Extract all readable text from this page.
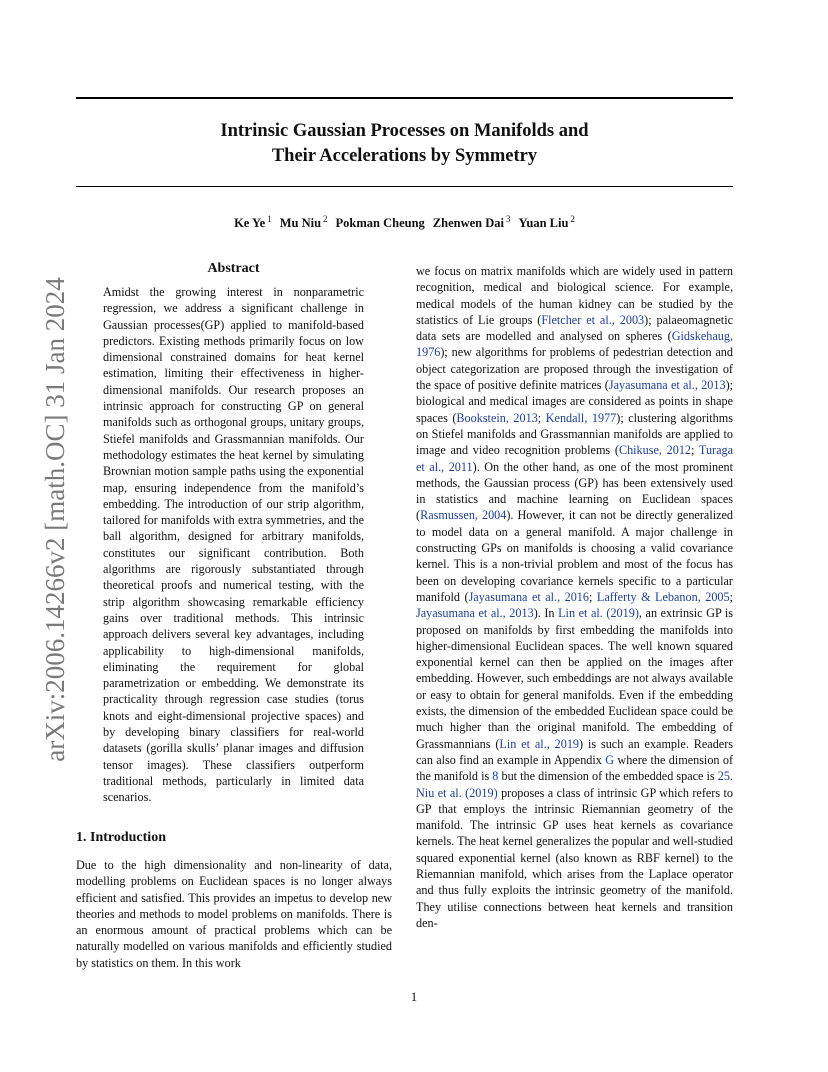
Intrinsic Gaussian Processes on Manifolds and
Their Accelerations by Symmetry

Ke Ye $^1$ Mu Niu $^2$ Pokman Cheung Zhenwen Dai $^3$ Yuan Liu $^2$

arXiv:2006.14266v2 [math.OC] 31 Jan 2024
Abstract

Amidst the growing interest in nonparametric regression, we address a significant challenge in Gaussian processes(GP) applied to manifold-based predictors. Existing methods primarily focus on low dimensional constrained domains for heat kernel estimation, limiting their effectiveness in higher-dimensional manifolds. Our research proposes an intrinsic approach for constructing GP on general manifolds such as orthogonal groups, unitary groups, Stiefel manifolds and Grassmannian manifolds. Our methodology estimates the heat kernel by simulating Brownian motion sample paths using the exponential map, ensuring independence from the manifold’s embedding. The introduction of our strip algorithm, tailored for manifolds with extra symmetries, and the ball algorithm, designed for arbitrary manifolds, constitutes our significant contribution. Both algorithms are rigorously substantiated through theoretical proofs and numerical testing, with the strip algorithm showcasing remarkable efficiency gains over traditional methods. This intrinsic approach delivers several key advantages, including applicability to high-dimensional manifolds, eliminating the requirement for global parametrization or embedding. We demonstrate its practicality through regression case studies (torus knots and eight-dimensional projective spaces) and by developing binary classifiers for real-world datasets (gorilla skulls’ planar images and diffusion tensor images). These classifiers outperform traditional methods, particularly in limited data scenarios.

1. Introduction

Due to the high dimensionality and non-linearity of data, modelling problems on Euclidean spaces is no longer always efficient and satisfied. This provides an impetus to develop new theories and methods to model problems on manifolds. There is an enormous amount of practical problems which can be naturally modelled on various manifolds and efficiently studied by statistics on them. In this work

we focus on matrix manifolds which are widely used in pattern recognition, medical and biological science. For example, medical models of the human kidney can be studied by the statistics of Lie groups (Fletcher et al., 2003); palaeomagnetic data sets are modelled and analysed on spheres (Gidskehaug, 1976); new algorithms for problems of pedestrian detection and object categorization are proposed through the investigation of the space of positive definite matrices (Jayasumana et al., 2013); biological and medical images are considered as points in shape spaces (Bookstein, 2013; Kendall, 1977); clustering algorithms on Stiefel manifolds and Grassmannian manifolds are applied to image and video recognition problems (Chikuse, 2012; Turaga et al., 2011). On the other hand, as one of the most prominent methods, the Gaussian process (GP) has been extensively used in statistics and machine learning on Euclidean spaces (Rasmussen, 2004). However, it can not be directly generalized to model data on a general manifold. A major challenge in constructing GPs on manifolds is choosing a valid covariance kernel. This is a non-trivial problem and most of the focus has been on developing covariance kernels specific to a particular manifold (Jayasumana et al., 2016; Lafferty & Lebanon, 2005; Jayasumana et al., 2013). In Lin et al. (2019), an extrinsic GP is proposed on manifolds by first embedding the manifolds into higher-dimensional Euclidean spaces. The well known squared exponential kernel can then be applied on the images after embedding. However, such embeddings are not always available or easy to obtain for general manifolds. Even if the embedding exists, the dimension of the embedded Euclidean space could be much higher than the original manifold. The embedding of Grassmannians (Lin et al., 2019) is such an example. Readers can also find an example in Appendix G where the dimension of the manifold is 8 but the dimension of the embedded space is 25. Niu et al. (2019) proposes a class of intrinsic GP which refers to GP that employs the intrinsic Riemannian geometry of the manifold. The intrinsic GP uses heat kernels as covariance kernels. The heat kernel generalizes the popular and well-studied squared exponential kernel (also known as RBF kernel) to the Riemannian manifold, which arises from the Laplace operator and thus fully exploits the intrinsic geometry of the manifold. They utilise connections between heat kernels and transition den-

1
